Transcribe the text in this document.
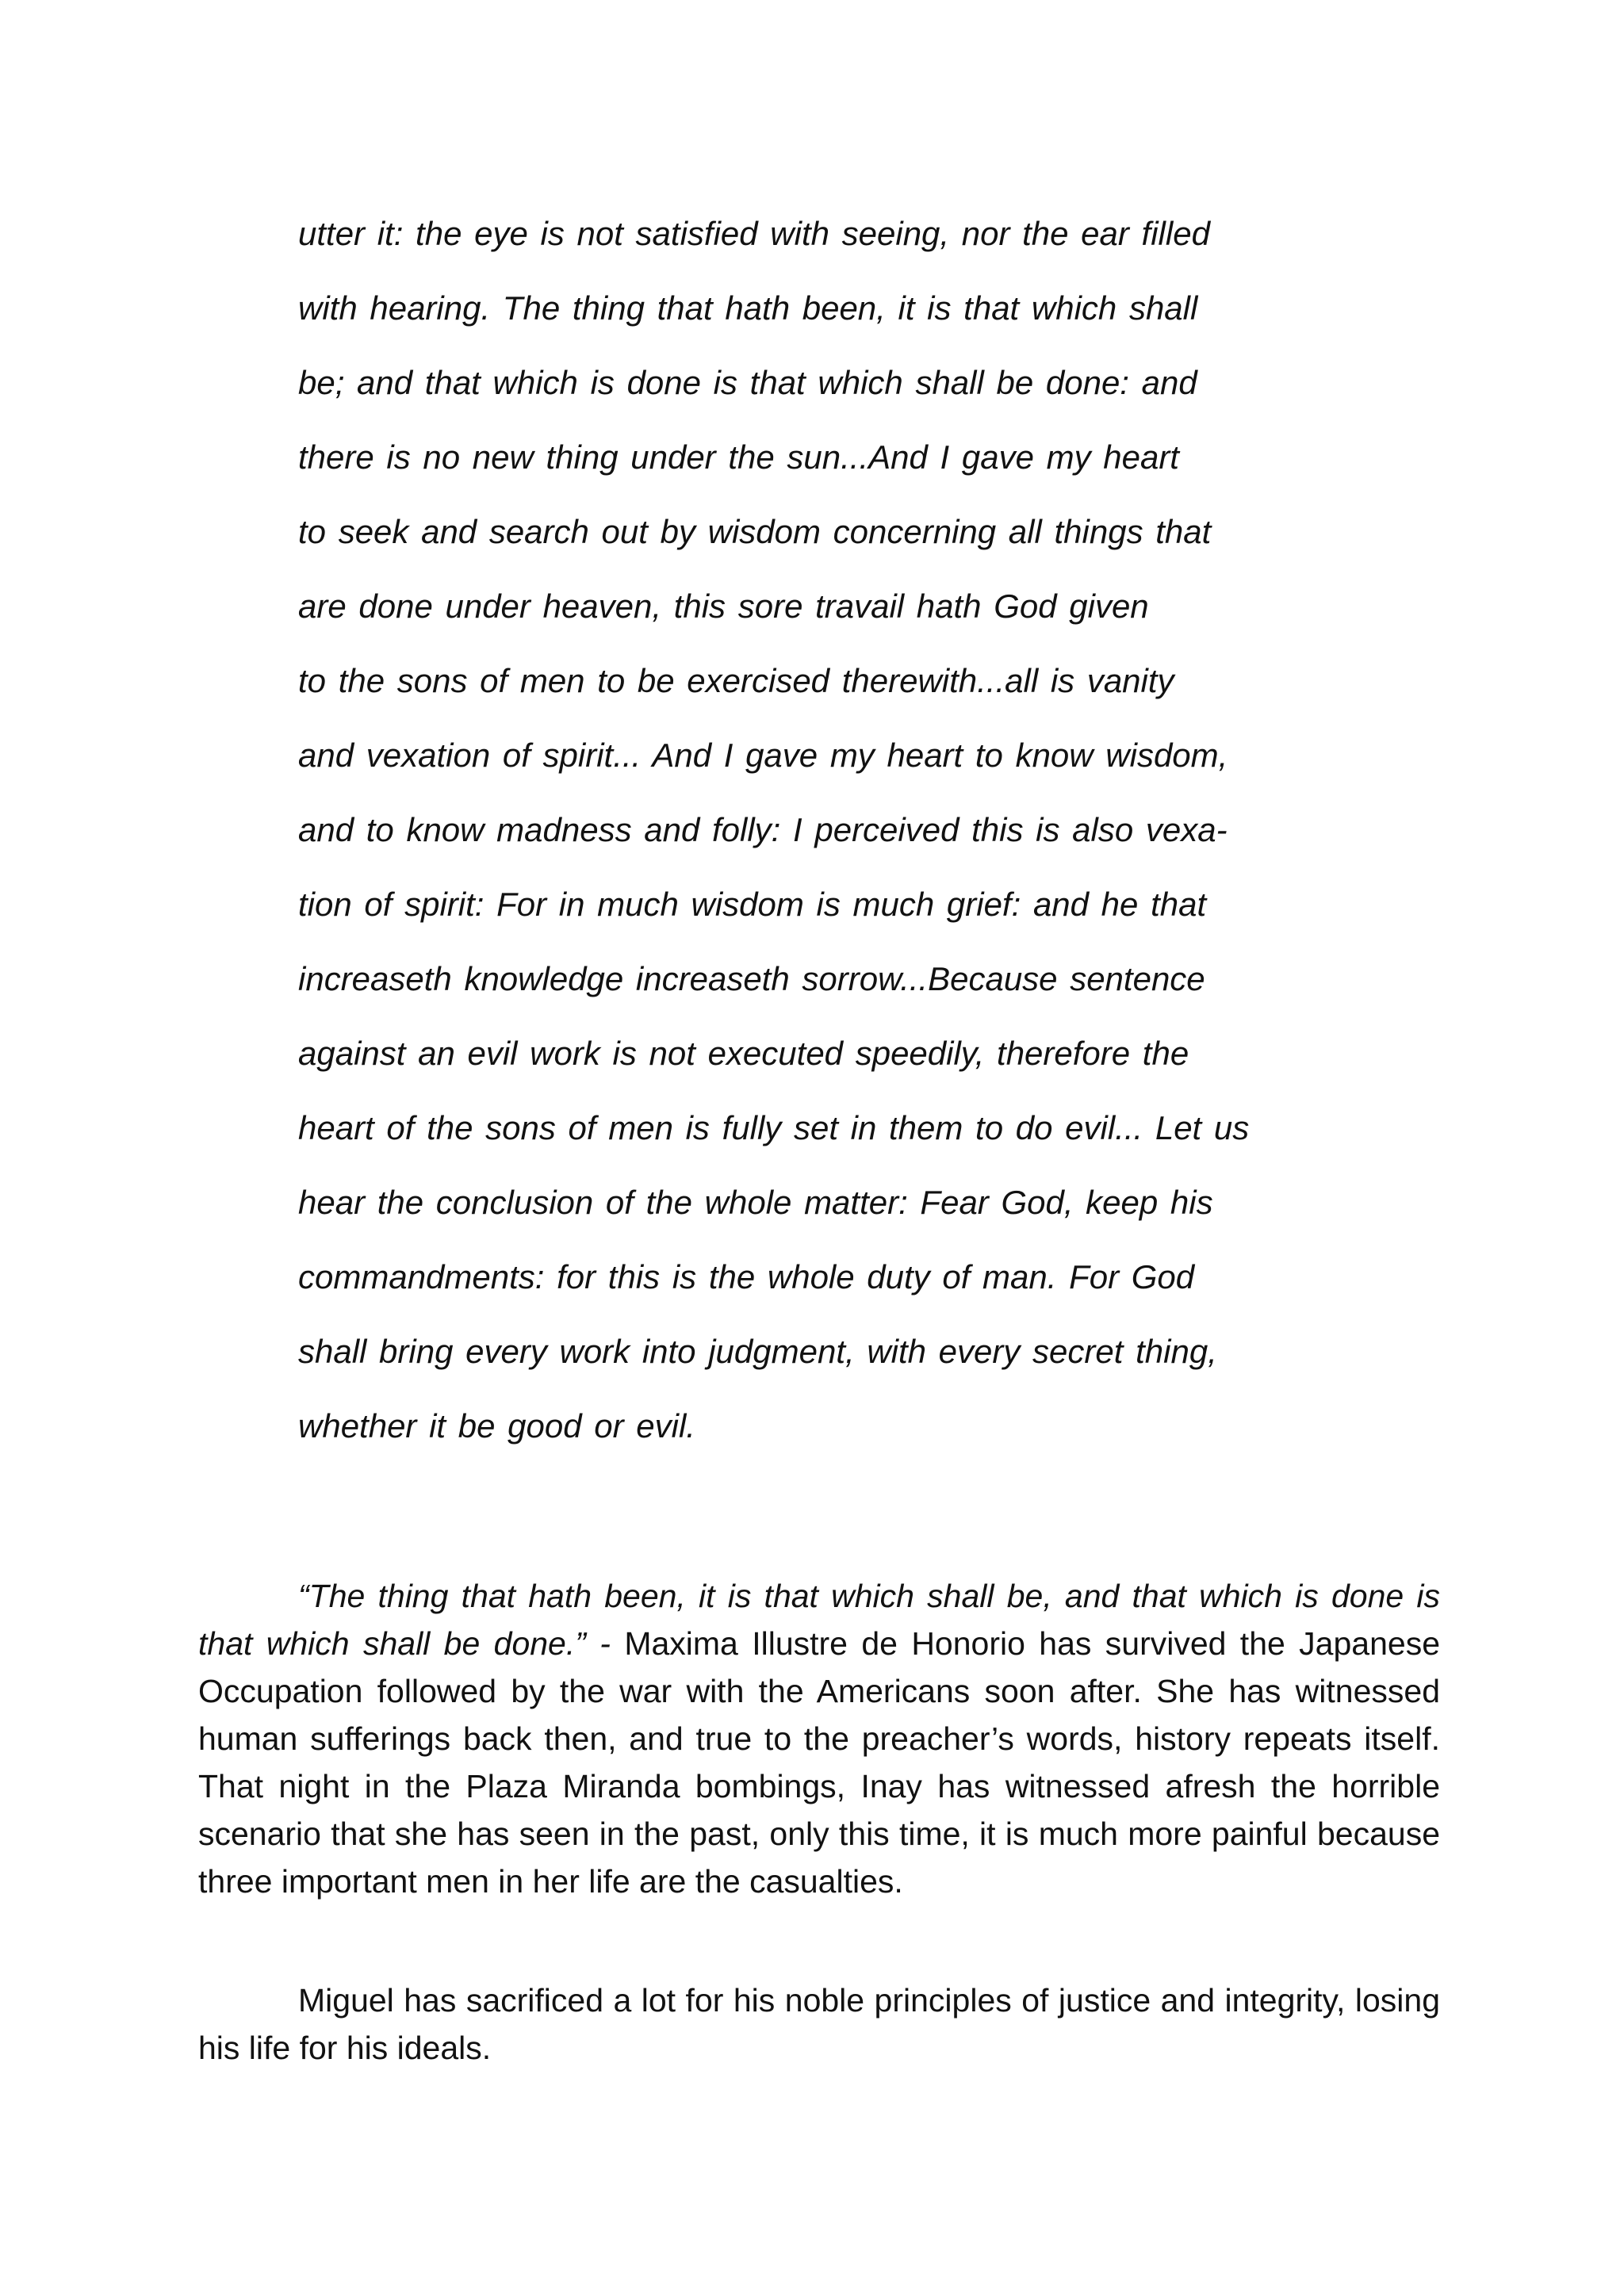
utter it: the eye is not satisfied with seeing, nor the ear filled
with hearing. The thing that hath been, it is that which shall
be; and that which is done is that which shall be done: and
there is no new thing under the sun...And I gave my heart
to seek and search out by wisdom concerning all things that
are done under heaven, this sore travail hath God given
to the sons of men to be exercised therewith...all is vanity
and vexation of spirit... And I gave my heart to know wisdom,
and to know madness and folly: I perceived this is also vexa-
tion of spirit: For in much wisdom is much grief: and he that
increaseth knowledge increaseth sorrow...Because sentence
against an evil work is not executed speedily, therefore the
heart of the sons of men is fully set in them to do evil... Let us
hear the conclusion of the whole matter: Fear God, keep his
commandments: for this is the whole duty of man. For God
shall bring every work into judgment, with every secret thing,
whether it be good or evil.

“The thing that hath been, it is that which shall be, and that which is done is that which shall be done.” - Maxima Illustre de Honorio has survived the Japanese Occupation followed by the war with the Americans soon after. She has witnessed human sufferings back then, and true to the preacher’s words, history repeats itself. That night in the Plaza Miranda bombings, Inay has witnessed afresh the horrible scenario that she has seen in the past, only this time, it is much more painful because three important men in her life are the casualties.

Miguel has sacrificed a lot for his noble principles of justice and integrity, losing his life for his ideals.
